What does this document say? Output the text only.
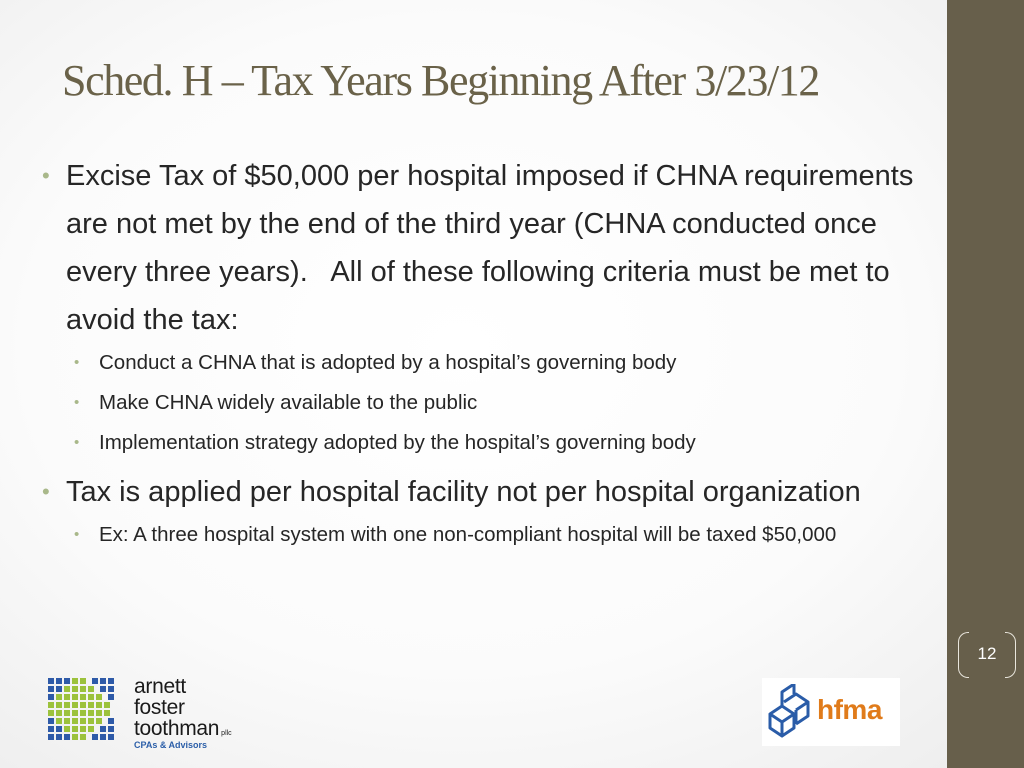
Sched. H – Tax Years Beginning After 3/23/12
• Excise Tax of $50,000 per hospital imposed if CHNA requirements are not met by the end of the third year (CHNA conducted once every three years).   All of these following criteria must be met to avoid the tax:
• Conduct a CHNA that is adopted by a hospital’s governing body
• Make CHNA widely available to the public
• Implementation strategy adopted by the hospital’s governing body
• Tax is applied per hospital facility not per hospital organization
• Ex: A three hospital system with one non-compliant hospital will be taxed $50,000
12
arnett
foster
toothman pllc
CPAs & Advisors
hfma
